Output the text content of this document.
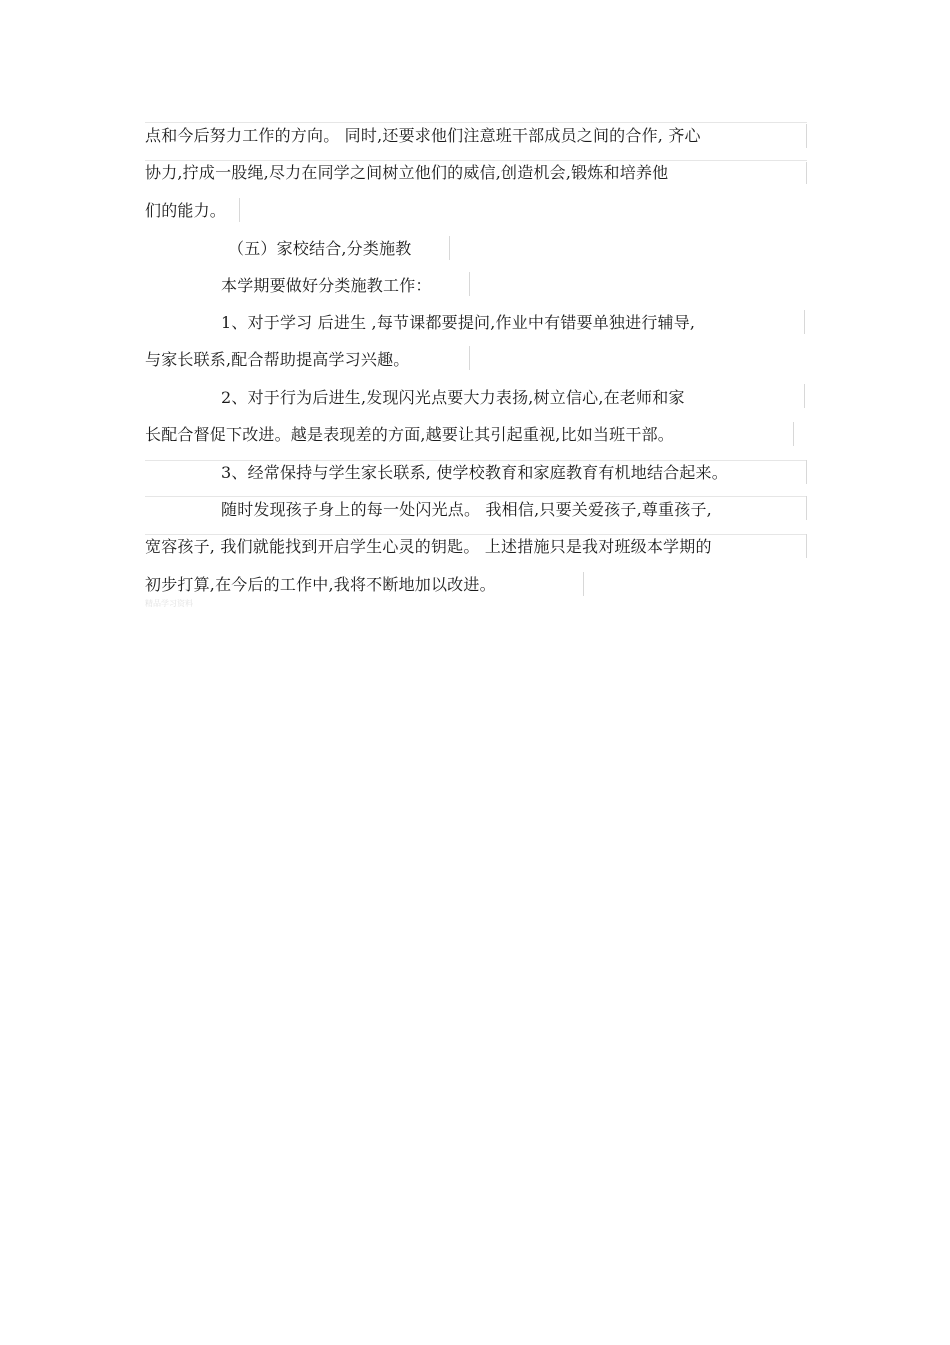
点和今后努力工作的方向。 同时,还要求他们注意班干部成员之间的合作, 齐心
协力,拧成一股绳,尽力在同学之间树立他们的威信,创造机会,锻炼和培养他
们的能力。
（五）家校结合,分类施教
本学期要做好分类施教工作：
1、对于学习 后进生 ,每节课都要提问,作业中有错要单独进行辅导,
与家长联系,配合帮助提高学习兴趣。
2、对于行为后进生,发现闪光点要大力表扬,树立信心,在老师和家
长配合督促下改进。越是表现差的方面,越要让其引起重视,比如当班干部。
3、经常保持与学生家长联系, 使学校教育和家庭教育有机地结合起来。
随时发现孩子身上的每一处闪光点。 我相信,只要关爱孩子,尊重孩子,
宽容孩子, 我们就能找到开启学生心灵的钥匙。 上述措施只是我对班级本学期的
初步打算,在今后的工作中,我将不断地加以改进。
精品学习资料
